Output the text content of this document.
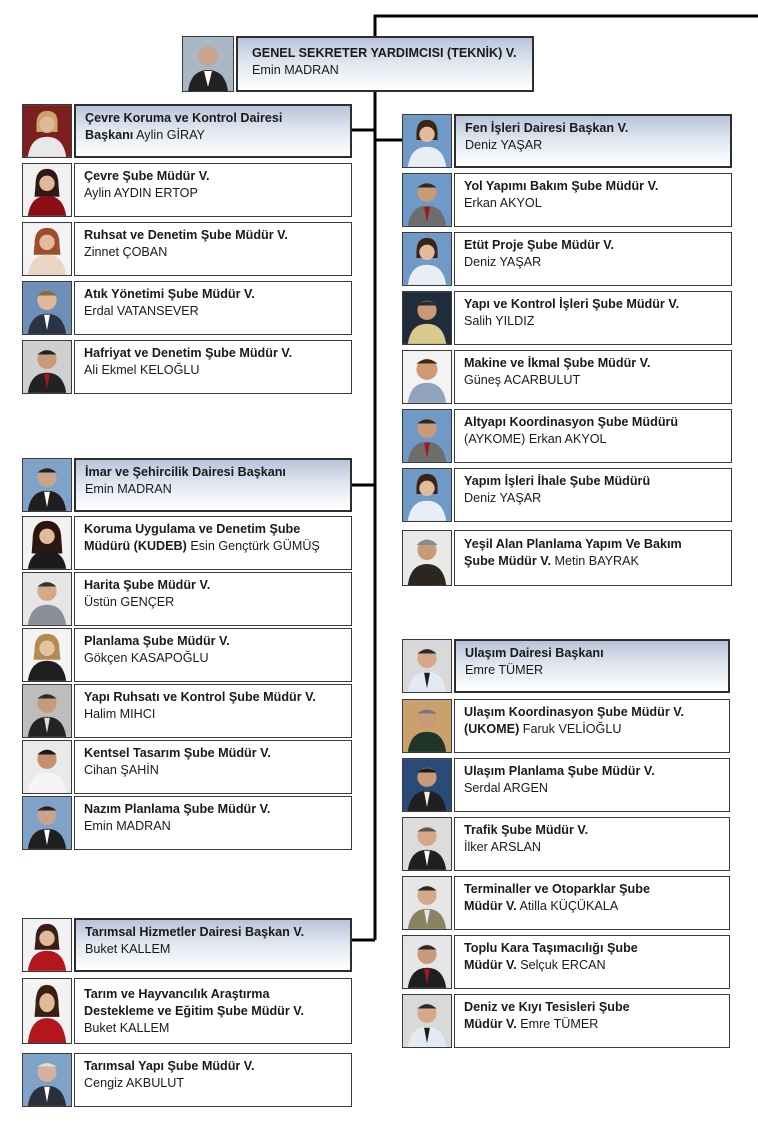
GENEL SEKRETER YARDIMCISI (TEKNİK) V.
Emin MADRAN
Çevre Koruma ve Kontrol Dairesi
Başkanı Aylin GİRAY
Çevre Şube Müdür V.
Aylin AYDIN ERTOP
Ruhsat ve Denetim Şube Müdür V.
Zinnet ÇOBAN
Atık Yönetimi Şube Müdür V.
Erdal VATANSEVER
Hafriyat ve Denetim Şube Müdür V.
Ali Ekmel KELOĞLU
İmar ve Şehircilik Dairesi Başkanı
Emin MADRAN
Koruma Uygulama ve Denetim Şube
Müdürü (KUDEB) Esin Gençtürk GÜMÜŞ
Harita Şube Müdür V.
Üstün GENÇER
Planlama Şube Müdür V.
Gökçen KASAPOĞLU
Yapı Ruhsatı ve Kontrol Şube Müdür V.
Halim MIHCI
Kentsel Tasarım Şube Müdür V.
Cihan ŞAHİN
Nazım Planlama Şube Müdür V.
Emin MADRAN
Tarımsal Hizmetler Dairesi Başkan V.
Buket KALLEM
Tarım ve Hayvancılık Araştırma
Destekleme ve Eğitim Şube Müdür V.
Buket KALLEM
Tarımsal Yapı Şube Müdür V.
Cengiz AKBULUT
Fen İşleri Dairesi Başkan V.
Deniz YAŞAR
Yol Yapımı Bakım Şube Müdür V.
Erkan AKYOL
Etüt Proje Şube Müdür V.
Deniz YAŞAR
Yapı ve Kontrol İşleri Şube Müdür V.
Salih YILDIZ
Makine ve İkmal Şube Müdür V.
Güneş ACARBULUT
Altyapı Koordinasyon Şube Müdürü
(AYKOME) Erkan AKYOL
Yapım İşleri İhale Şube Müdürü
Deniz YAŞAR
Yeşil Alan Planlama Yapım Ve Bakım
Şube Müdür V. Metin BAYRAK
Ulaşım Dairesi Başkanı
Emre TÜMER
Ulaşım Koordinasyon Şube Müdür V.
(UKOME) Faruk VELİOĞLU
Ulaşım Planlama Şube Müdür V.
Serdal ARGEN
Trafik Şube Müdür V.
İlker ARSLAN
Terminaller ve Otoparklar Şube
Müdür V. Atilla KÜÇÜKALA
Toplu Kara Taşımacılığı Şube
Müdür V. Selçuk ERCAN
Deniz ve Kıyı Tesisleri Şube
Müdür V. Emre TÜMER
